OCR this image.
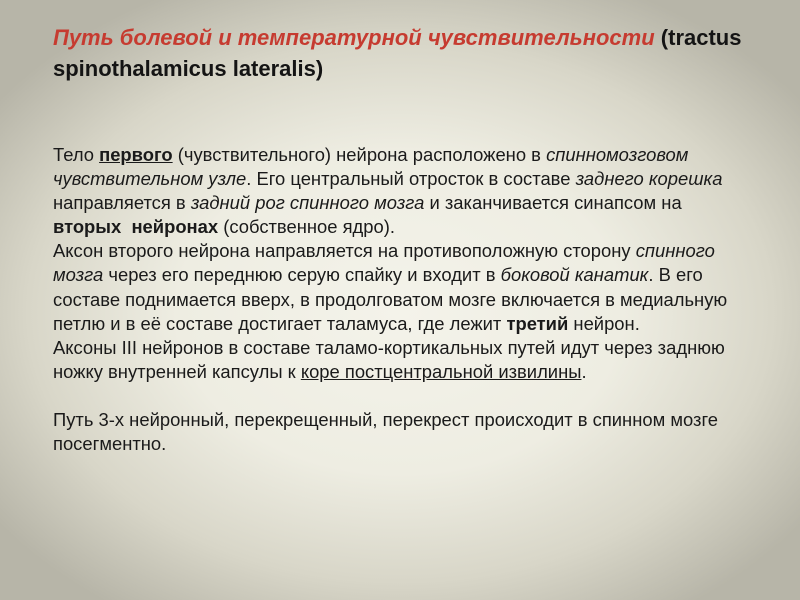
Путь болевой и температурной чувствительности (tractus spinothalamicus lateralis)

Тело первого (чувствительного) нейрона расположено в спинномозговом чувствительном узле. Его центральный отросток в составе заднего корешка направляется в задний рог спинного мозга и заканчивается синапсом на  вторых  нейронах (собственное ядро).

Аксон второго нейрона направляется на противоположную сторону спинного мозга через его переднюю серую спайку и входит в боковой канатик. В его составе поднимается вверх, в продолговатом мозге включается в медиальную петлю и в её составе достигает таламуса, где лежит третий нейрон.

Аксоны III нейронов в составе таламо-кортикальных путей идут через заднюю ножку внутренней капсулы к коре постцентральной извилины.

Путь 3-х нейронный, перекрещенный, перекрест происходит в спинном мозге посегментно.
